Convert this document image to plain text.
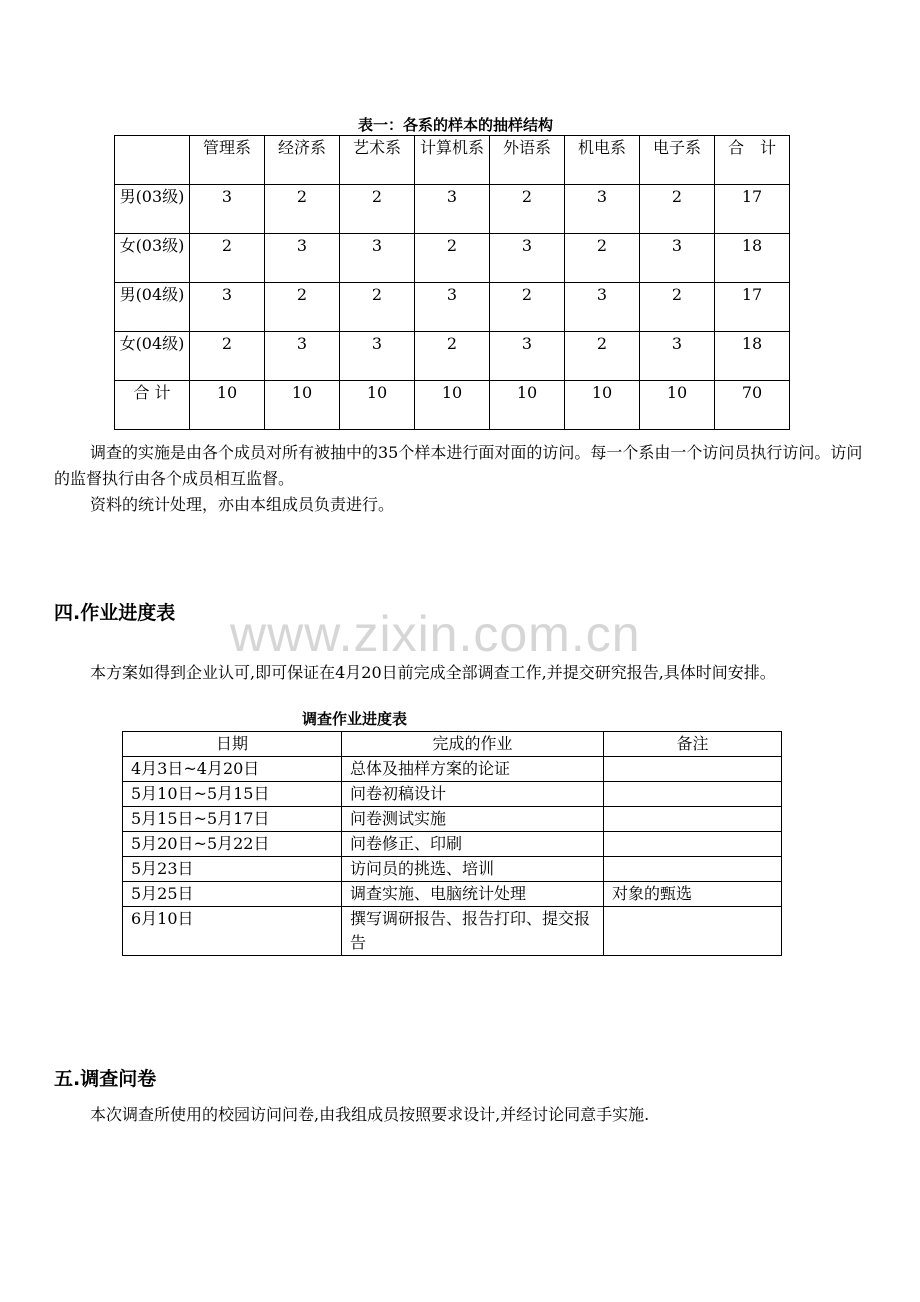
表一：各系的样本的抽样结构
	管理系	经济系	艺术系	计算机系	外语系	机电系	电子系	合　计
男(03级)	3	2	2	3	2	3	2	17
女(03级)	2	3	3	2	3	2	3	18
男(04级)	3	2	2	3	2	3	2	17
女(04级)	2	3	3	2	3	2	3	18
合 计	10	10	10	10	10	10	10	70
调查的实施是由各个成员对所有被抽中的35个样本进行面对面的访问。每一个系由一个访问员执行访问。访问的监督执行由各个成员相互监督。
资料的统计处理，亦由本组成员负责进行。
四.作业进度表 www.zixin.com.cn
本方案如得到企业认可,即可保证在4月20日前完成全部调查工作,并提交研究报告,具体时间安排。
调查作业进度表
日期	完成的作业	备注
4月3日~4月20日	总体及抽样方案的论证	
5月10日~5月15日	问卷初稿设计	
5月15日~5月17日	问卷测试实施	
5月20日~5月22日	问卷修正、印刷	
5月23日	访问员的挑选、培训	
5月25日	调查实施、电脑统计处理	对象的甄选
6月10日	撰写调研报告、报告打印、提交报告	
五.调查问卷
本次调查所使用的校园访问问卷,由我组成员按照要求设计,并经讨论同意手实施.
